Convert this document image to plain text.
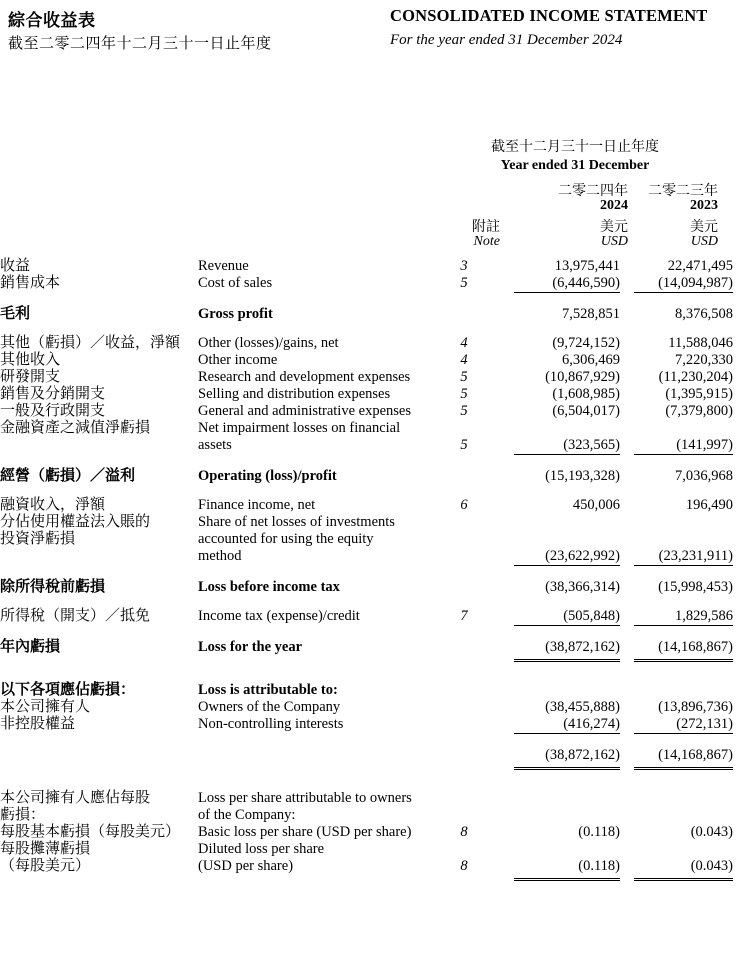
綜合收益表
截至二零二四年十二月三十一日止年度
CONSOLIDATED INCOME STATEMENT
For the year ended 31 December 2024
截至十二月三十一日止年度
Year ended 31 December
二零二四年	二零二三年
2024	2023
附註	美元	美元
Note	USD	USD
收益	Revenue	3	13,975,441	22,471,495
銷售成本	Cost of sales	5	(6,446,590)	(14,094,987)

毛利	Gross profit		7,528,851	8,376,508

其他（虧損）／收益，淨額	Other (losses)/gains, net	4	(9,724,152)	11,588,046
其他收入	Other income	4	6,306,469	7,220,330
研發開支	Research and development expenses	5	(10,867,929)	(11,230,204)
銷售及分銷開支	Selling and distribution expenses	5	(1,608,985)	(1,395,915)
一般及行政開支	General and administrative expenses	5	(6,504,017)	(7,379,800)
金融資產之減值淨虧損	Net impairment losses on financial			
	assets	5	(323,565)	(141,997)

經營（虧損）／溢利	Operating (loss)/profit		(15,193,328)	7,036,968

融資收入，淨額	Finance income, net	6	450,006	196,490
分佔使用權益法入賬的	Share of net losses of investments			
投資淨虧損	accounted for using the equity			
	method		(23,622,992)	(23,231,911)

除所得稅前虧損	Loss before income tax		(38,366,314)	(15,998,453)

所得稅（開支）／抵免	Income tax (expense)/credit	7	(505,848)	1,829,586

年內虧損	Loss for the year		(38,872,162)	(14,168,867)

以下各項應佔虧損：	Loss is attributable to:			
本公司擁有人	Owners of the Company		(38,455,888)	(13,896,736)
非控股權益	Non-controlling interests		(416,274)	(272,131)

			(38,872,162)	(14,168,867)

本公司擁有人應佔每股	Loss per share attributable to owners			
虧損：	of the Company:			
每股基本虧損（每股美元）	Basic loss per share (USD per share)	8	(0.118)	(0.043)
每股攤薄虧損	Diluted loss per share			
（每股美元）	(USD per share)	8	(0.118)	(0.043)
